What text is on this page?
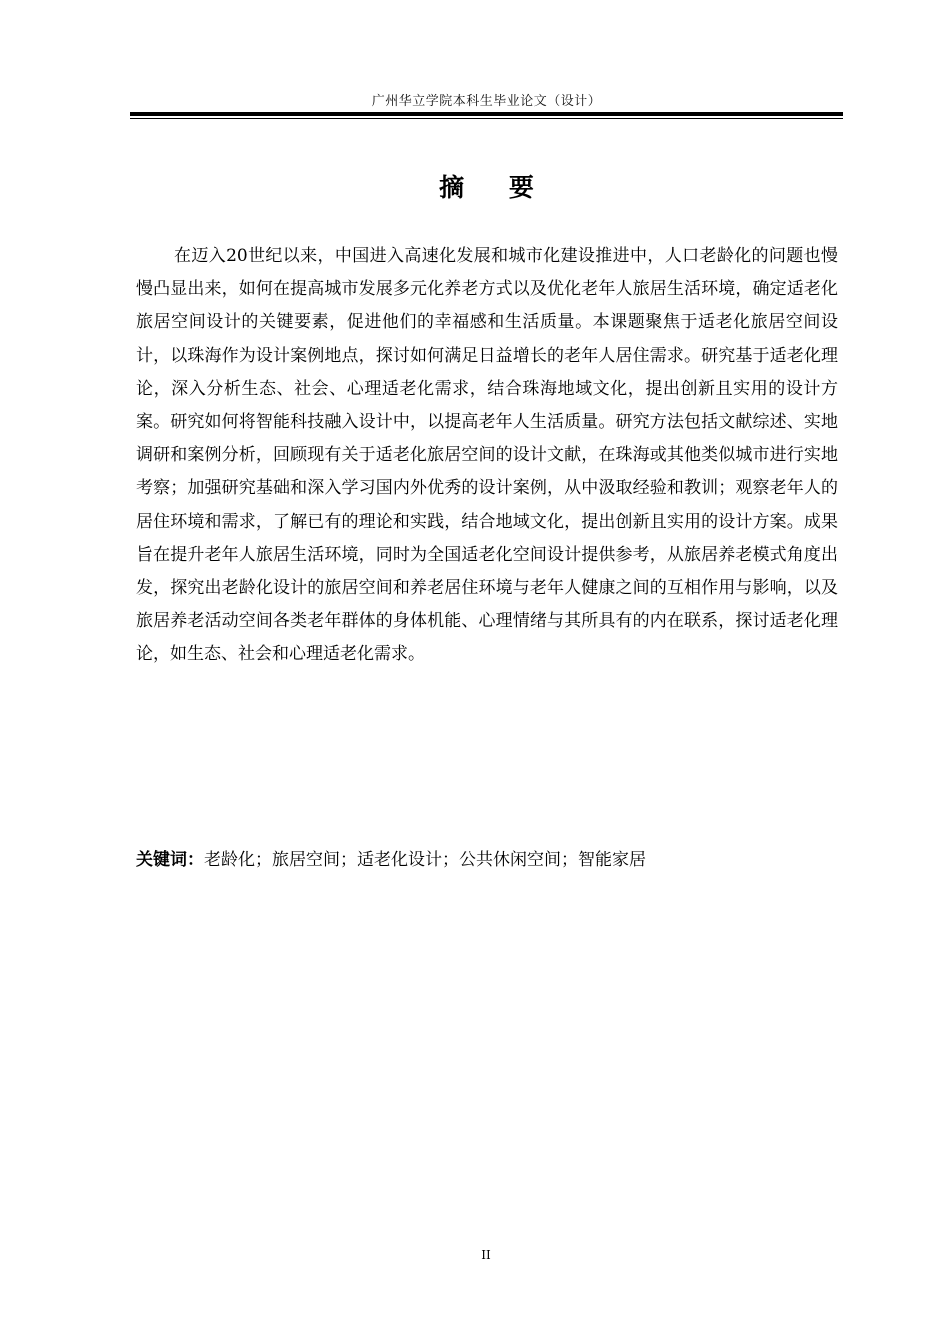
广州华立学院本科生毕业论文（设计）
摘 要

在迈入20世纪以来，中国进入高速化发展和城市化建设推进中，人口老龄化的问题也慢慢凸显出来，如何在提高城市发展多元化养老方式以及优化老年人旅居生活环境，确定适老化旅居空间设计的关键要素，促进他们的幸福感和生活质量。本课题聚焦于适老化旅居空间设计，以珠海作为设计案例地点，探讨如何满足日益增长的老年人居住需求。研究基于适老化理论，深入分析生态、社会、心理适老化需求，结合珠海地域文化，提出创新且实用的设计方案。研究如何将智能科技融入设计中，以提高老年人生活质量。研究方法包括文献综述、实地调研和案例分析，回顾现有关于适老化旅居空间的设计文献，在珠海或其他类似城市进行实地考察；加强研究基础和深入学习国内外优秀的设计案例，从中汲取经验和教训；观察老年人的居住环境和需求，了解已有的理论和实践，结合地域文化，提出创新且实用的设计方案。成果旨在提升老年人旅居生活环境，同时为全国适老化空间设计提供参考，从旅居养老模式角度出发，探究出老龄化设计的旅居空间和养老居住环境与老年人健康之间的互相作用与影响，以及旅居养老活动空间各类老年群体的身体机能、心理情绪与其所具有的内在联系，探讨适老化理论，如生态、社会和心理适老化需求。

关键词：老龄化；旅居空间；适老化设计；公共休闲空间；智能家居
II
